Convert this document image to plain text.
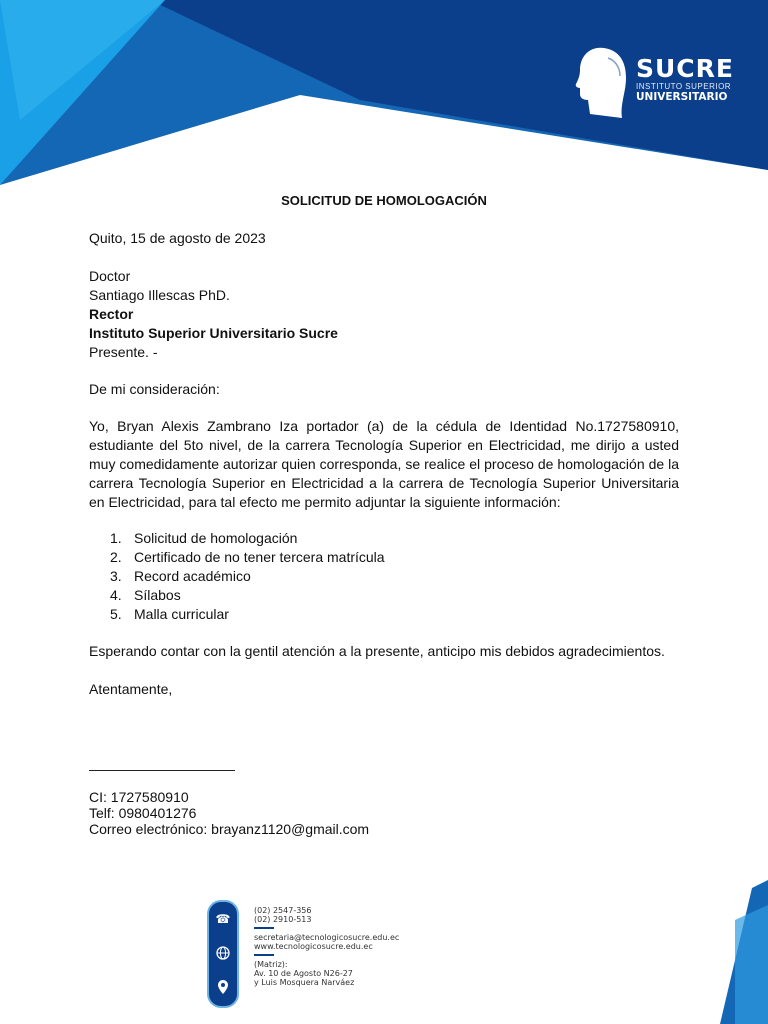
SUCRE
INSTITUTO SUPERIOR
UNIVERSITARIO
SOLICITUD DE HOMOLOGACIÓN
Quito, 15 de agosto de 2023
Doctor
Santiago Illescas PhD.
Rector
Instituto Superior Universitario Sucre
Presente. -
De mi consideración:
Yo, Bryan Alexis Zambrano Iza portador (a) de la cédula de Identidad No.1727580910, estudiante del 5to nivel, de la carrera Tecnología Superior en Electricidad, me dirijo a usted muy comedidamente autorizar quien corresponda, se realice el proceso de homologación de la carrera Tecnología Superior en Electricidad a la carrera de Tecnología Superior Universitaria en Electricidad, para tal efecto me permito adjuntar la siguiente información:
1. Solicitud de homologación
2. Certificado de no tener tercera matrícula
3. Record académico
4. Sílabos
5. Malla curricular
Esperando contar con la gentil atención a la presente, anticipo mis debidos agradecimientos.
Atentamente,
CI: 1727580910
Telf: 0980401276
Correo electrónico: brayanz1120@gmail.com
☎
(02) 2547-356
(02) 2910-513
secretaria@tecnologicosucre.edu.ec
www.tecnologicosucre.edu.ec
(Matriz):
Av. 10 de Agosto N26-27
y Luis Mosquera Narváez
